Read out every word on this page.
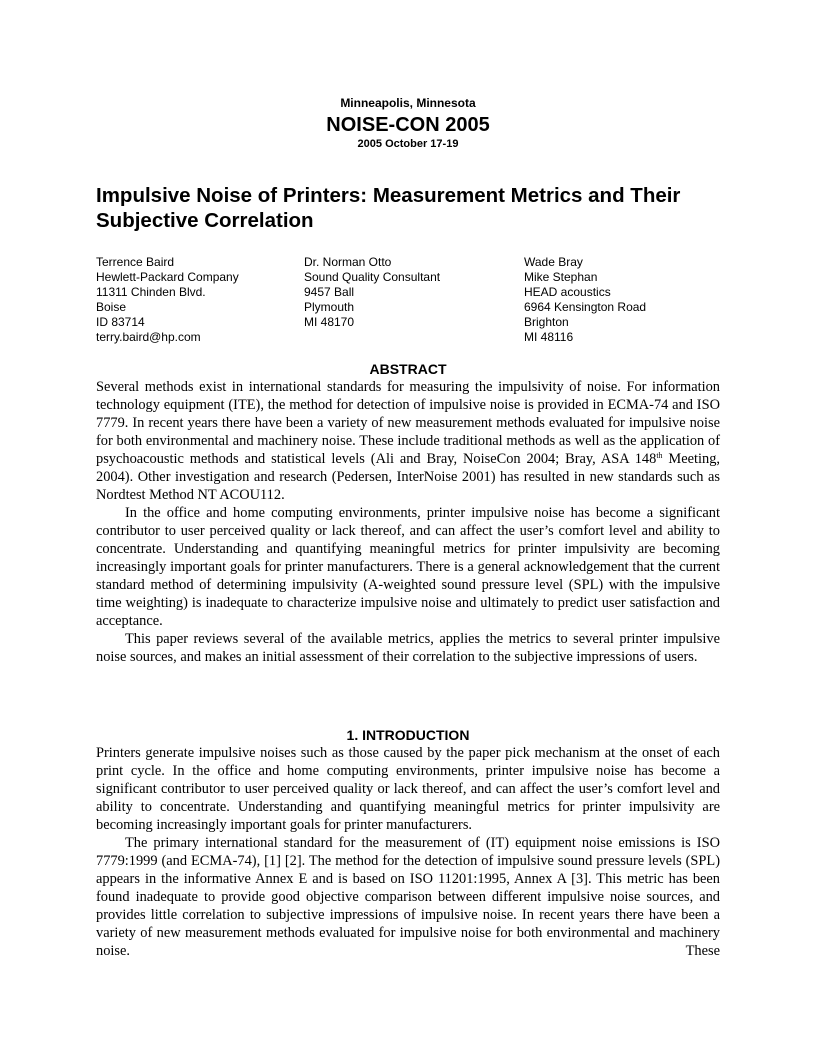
Minneapolis, Minnesota
NOISE-CON 2005
2005 October 17-19
Impulsive Noise of Printers: Measurement Metrics and Their Subjective Correlation
Terrence Baird
Hewlett-Packard Company
11311 Chinden Blvd.
Boise
ID 83714
terry.baird@hp.com
Dr. Norman Otto
Sound Quality Consultant
9457 Ball
Plymouth
MI 48170
Wade Bray
Mike Stephan
HEAD acoustics
6964 Kensington Road
Brighton
MI 48116
ABSTRACT

Several methods exist in international standards for measuring the impulsivity of noise. For information technology equipment (ITE), the method for detection of impulsive noise is provided in ECMA-74 and ISO 7779. In recent years there have been a variety of new measurement methods evaluated for impulsive noise for both environmental and machinery noise. These include traditional methods as well as the application of psychoacoustic methods and statistical levels (Ali and Bray, NoiseCon 2004; Bray, ASA 148th Meeting, 2004). Other investigation and research (Pedersen, InterNoise 2001) has resulted in new standards such as Nordtest Method NT ACOU112.

In the office and home computing environments, printer impulsive noise has become a significant contributor to user perceived quality or lack thereof, and can affect the user’s comfort level and ability to concentrate. Understanding and quantifying meaningful metrics for printer impulsivity are becoming increasingly important goals for printer manufacturers. There is a general acknowledgement that the current standard method of determining impulsivity (A-weighted sound pressure level (SPL) with the impulsive time weighting) is inadequate to characterize impulsive noise and ultimately to predict user satisfaction and acceptance.

This paper reviews several of the available metrics, applies the metrics to several printer impulsive noise sources, and makes an initial assessment of their correlation to the subjective impressions of users.

1. INTRODUCTION

Printers generate impulsive noises such as those caused by the paper pick mechanism at the onset of each print cycle. In the office and home computing environments, printer impulsive noise has become a significant contributor to user perceived quality or lack thereof, and can affect the user’s comfort level and ability to concentrate. Understanding and quantifying meaningful metrics for printer impulsivity are becoming increasingly important goals for printer manufacturers.

The primary international standard for the measurement of (IT) equipment noise emissions is ISO 7779:1999 (and ECMA-74), [1] [2]. The method for the detection of impulsive sound pressure levels (SPL) appears in the informative Annex E and is based on ISO 11201:1995, Annex A [3]. This metric has been found inadequate to provide good objective comparison between different impulsive noise sources, and provides little correlation to subjective impressions of impulsive noise. In recent years there have been a variety of new measurement methods evaluated for impulsive noise for both environmental and machinery noise. These
